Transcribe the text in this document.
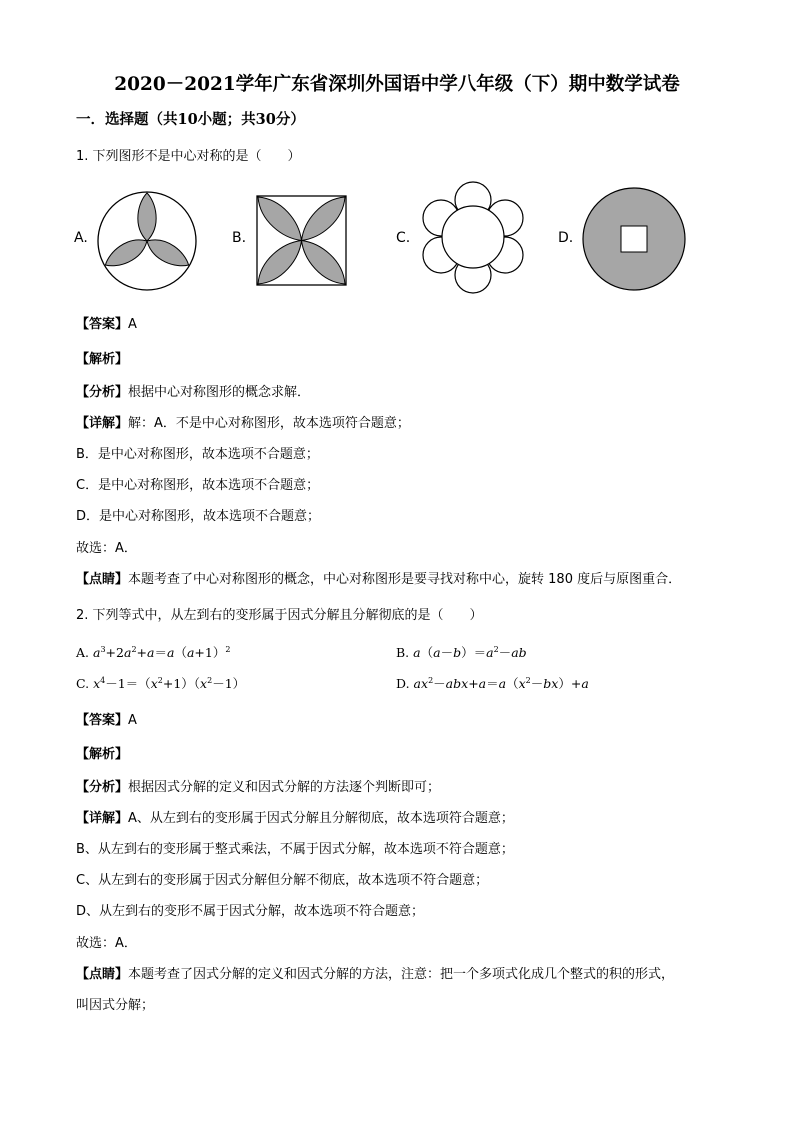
2020－2021学年广东省深圳外国语中学八年级（下）期中数学试卷
一．选择题（共10小题；共30分）
1. 下列图形不是中心对称的是（　　）
A.	B.	C.	D.
【答案】A
【解析】
【分析】根据中心对称图形的概念求解．
【详解】解：A．不是中心对称图形，故本选项符合题意；
B．是中心对称图形，故本选项不合题意；
C．是中心对称图形，故本选项不合题意；
D．是中心对称图形，故本选项不合题意；
故选：A．
【点睛】本题考查了中心对称图形的概念，中心对称图形是要寻找对称中心，旋转 180 度后与原图重合．
2. 下列等式中，从左到右的变形属于因式分解且分解彻底的是（　　）
A. $a^3+2a^2+a=a(a+1)^2$	B. $a(a-b)=a^2-ab$
C. $x^4-1=(x^2+1)(x^2-1)$	D. $ax^2-abx+a=a(x^2-bx)+a$
【答案】A
【解析】
【分析】根据因式分解的定义和因式分解的方法逐个判断即可；
【详解】A、从左到右的变形属于因式分解且分解彻底，故本选项符合题意；
B、从左到右的变形属于整式乘法，不属于因式分解，故本选项不符合题意；
C、从左到右的变形属于因式分解但分解不彻底，故本选项不符合题意；
D、从左到右的变形不属于因式分解，故本选项不符合题意；
故选：A．
【点睛】本题考查了因式分解的定义和因式分解的方法，注意：把一个多项式化成几个整式的积的形式，
叫因式分解；
